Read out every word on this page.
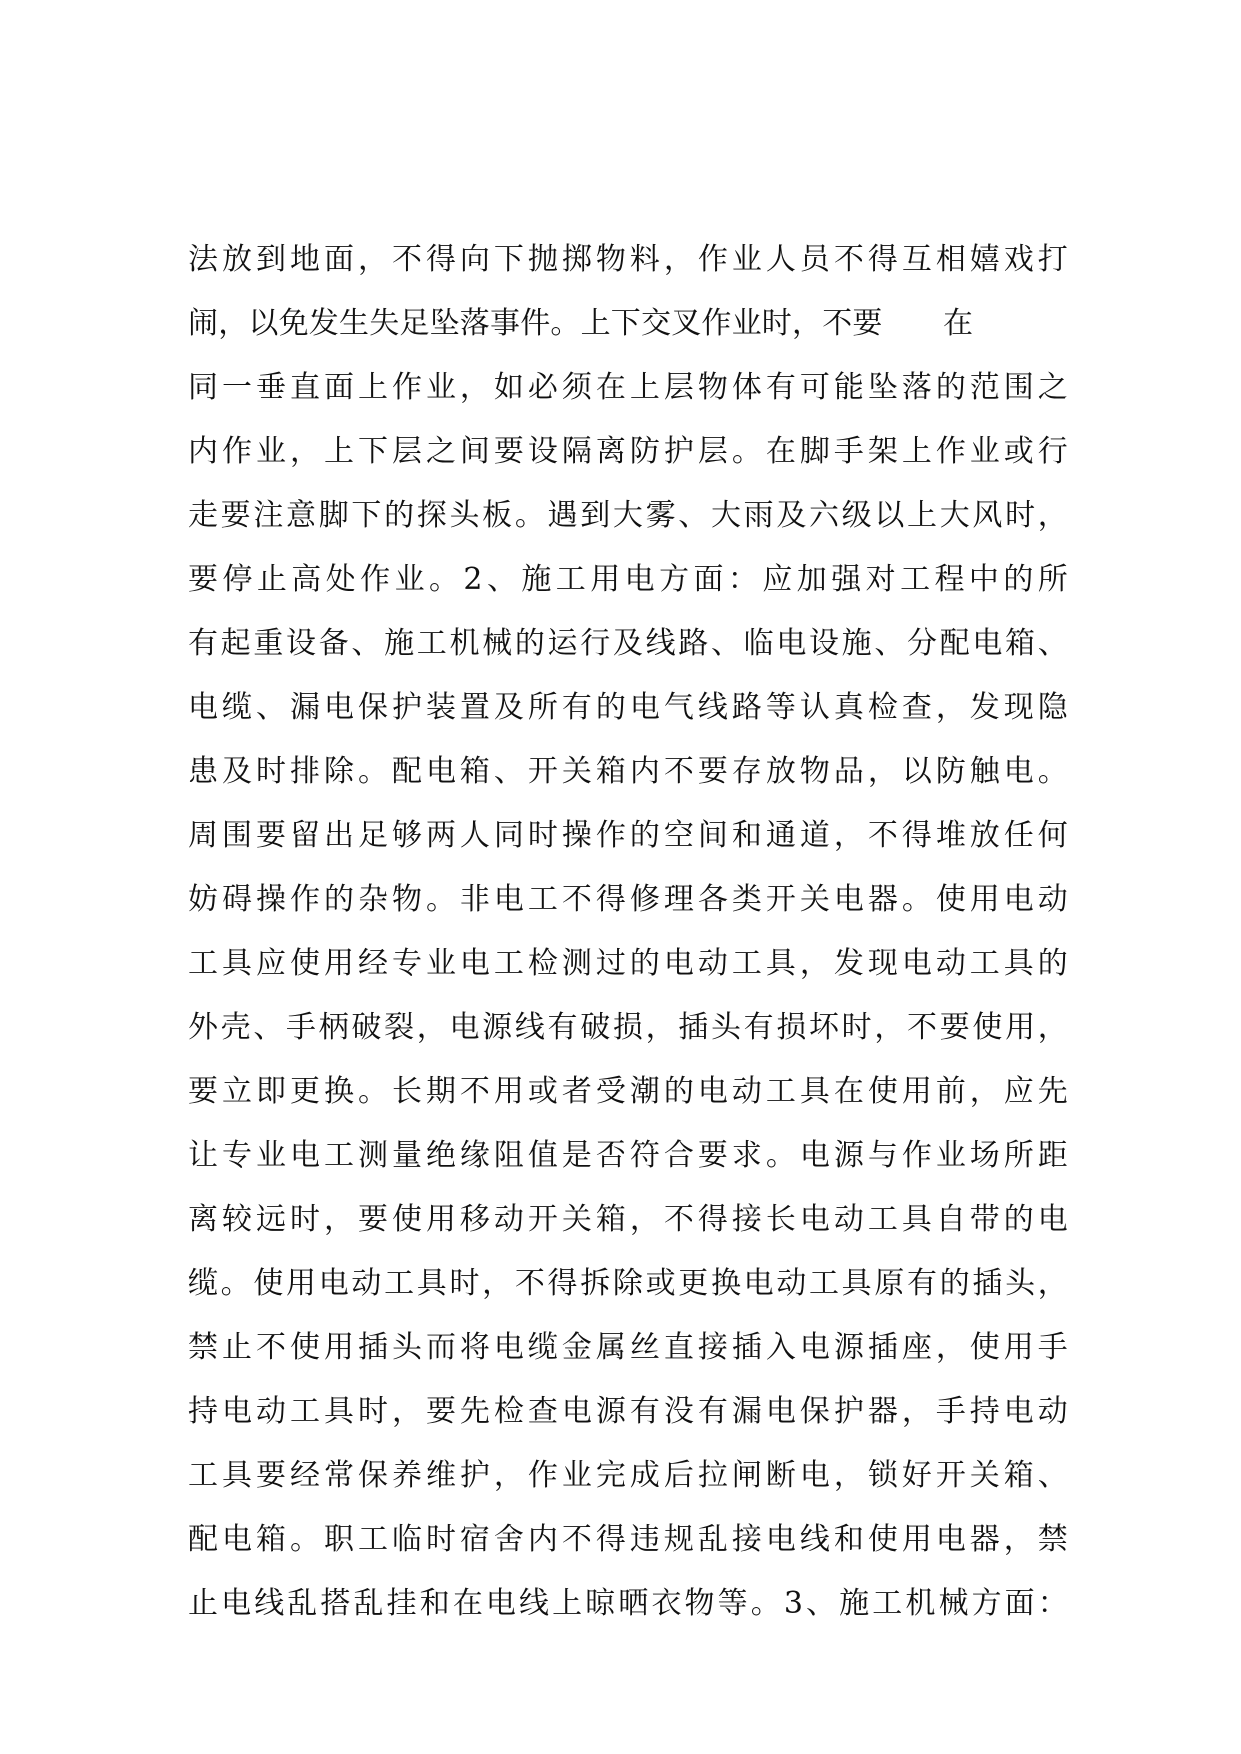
法放到地面，不得向下抛掷物料，作业人员不得互相嬉戏打
闹，以免发生失足坠落事件。上下交叉作业时，不要　　在
同一垂直面上作业，如必须在上层物体有可能坠落的范围之
内作业，上下层之间要设隔离防护层。在脚手架上作业或行
走要注意脚下的探头板。遇到大雾、大雨及六级以上大风时，
要停止高处作业。2、施工用电方面：应加强对工程中的所
有起重设备、施工机械的运行及线路、临电设施、分配电箱、
电缆、漏电保护装置及所有的电气线路等认真检查，发现隐
患及时排除。配电箱、开关箱内不要存放物品，以防触电。
周围要留出足够两人同时操作的空间和通道，不得堆放任何
妨碍操作的杂物。非电工不得修理各类开关电器。使用电动
工具应使用经专业电工检测过的电动工具，发现电动工具的
外壳、手柄破裂，电源线有破损，插头有损坏时，不要使用，
要立即更换。长期不用或者受潮的电动工具在使用前，应先
让专业电工测量绝缘阻值是否符合要求。电源与作业场所距
离较远时，要使用移动开关箱，不得接长电动工具自带的电
缆。使用电动工具时，不得拆除或更换电动工具原有的插头，
禁止不使用插头而将电缆金属丝直接插入电源插座，使用手
持电动工具时，要先检查电源有没有漏电保护器，手持电动
工具要经常保养维护，作业完成后拉闸断电，锁好开关箱、
配电箱。职工临时宿舍内不得违规乱接电线和使用电器，禁
止电线乱搭乱挂和在电线上晾晒衣物等。3、施工机械方面：
